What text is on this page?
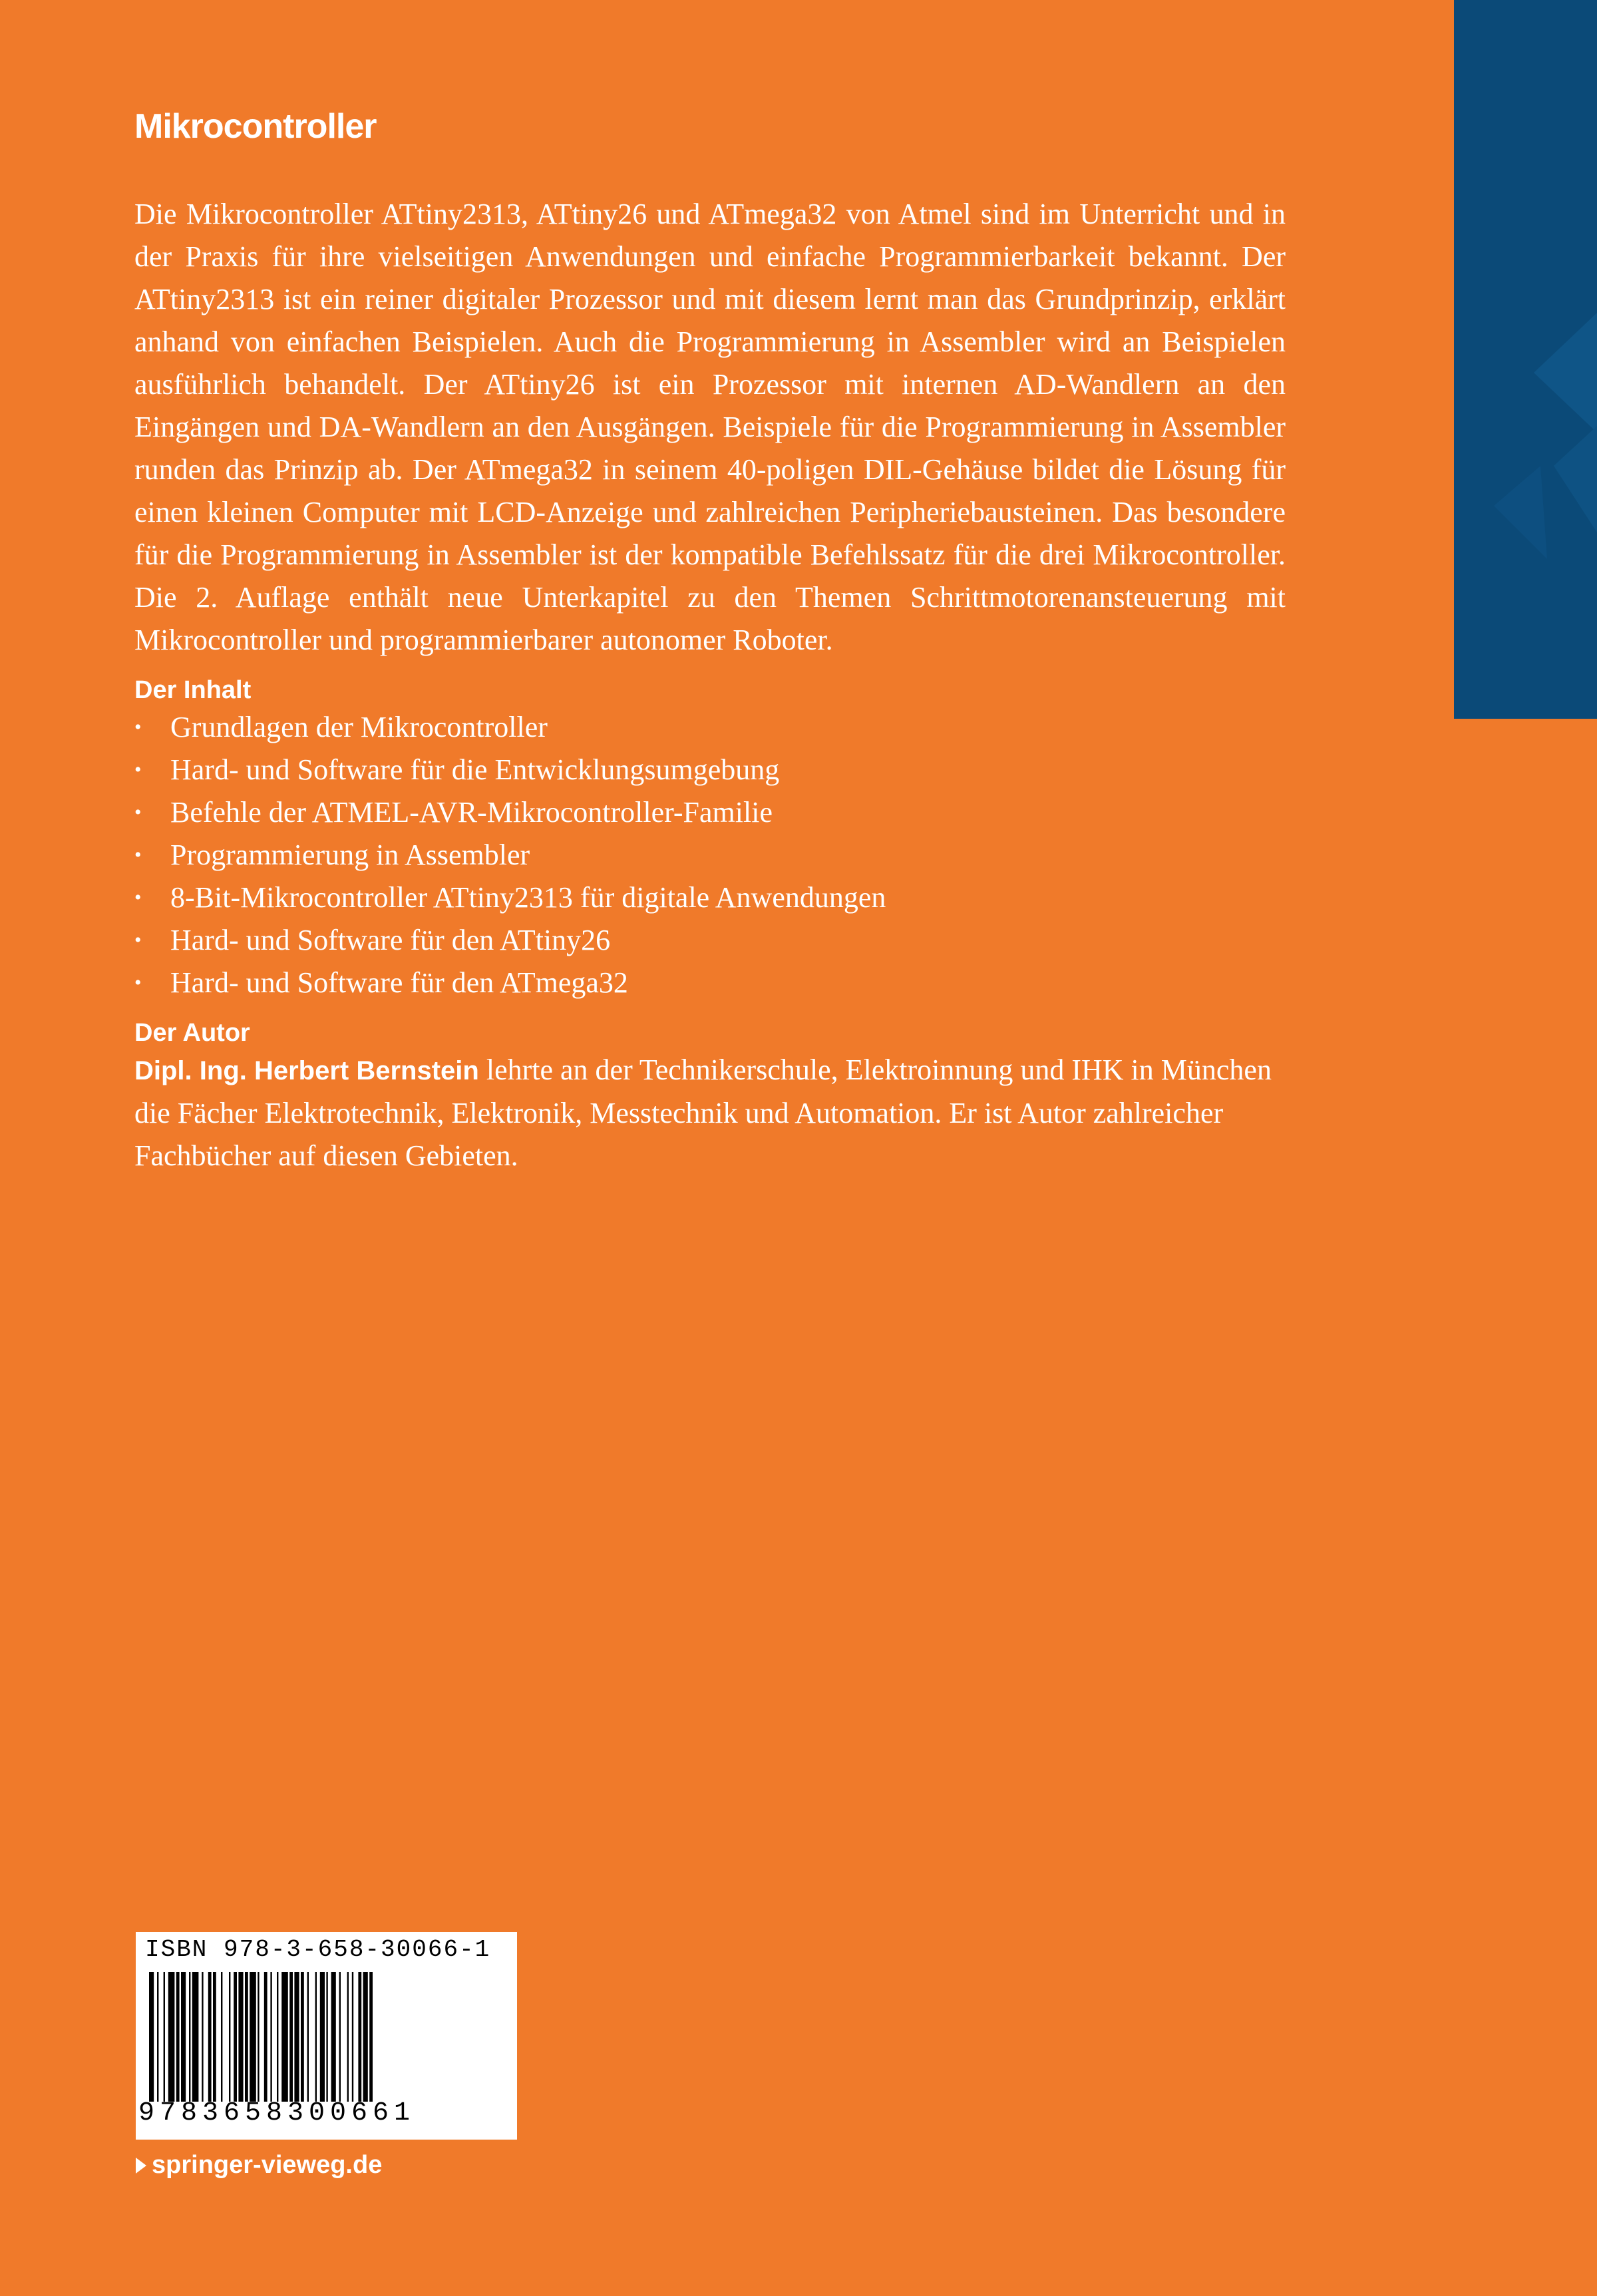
Mikrocontroller

Die Mikrocontroller ATtiny2313, ATtiny26 und ATmega32 von Atmel sind im Unterricht und in der Praxis für ihre vielseitigen Anwendungen und einfache Programmierbarkeit bekannt. Der ATtiny2313 ist ein reiner digitaler Prozessor und mit diesem lernt man das Grundprinzip, erklärt anhand von einfachen Beispielen. Auch die Programmierung in Assembler wird an Beispielen ausführlich behandelt. Der ATtiny26 ist ein Prozessor mit internen AD-Wandlern an den Eingängen und DA-Wandlern an den Ausgängen. Beispiele für die Programmierung in Assembler runden das Prinzip ab. Der ATmega32 in seinem 40-poligen DIL-Gehäuse bildet die Lösung für einen kleinen Computer mit LCD-Anzeige und zahlreichen Peripheriebausteinen. Das besondere für die Programmierung in Assembler ist der kompatible Befehlssatz für die drei Mikrocontroller. Die 2. Auflage enthält neue Unterkapitel zu den Themen Schrittmotorenansteuerung mit Mikrocontroller und programmierbarer autonomer Roboter.

Der Inhalt
• Grundlagen der Mikrocontroller
• Hard- und Software für die Entwicklungsumgebung
• Befehle der ATMEL-AVR-Mikrocontroller-Familie
• Programmierung in Assembler
• 8-Bit-Mikrocontroller ATtiny2313 für digitale Anwendungen
• Hard- und Software für den ATtiny26
• Hard- und Software für den ATmega32
Der Autor

Dipl. Ing. Herbert Bernstein lehrte an der Technikerschule, Elektroinnung und IHK in München die Fächer Elektrotechnik, Elektronik, Messtechnik und Automation. Er ist Autor zahlreicher Fachbücher auf diesen Gebieten.

ISBN 978-3-658-30066-1
9783658300661
springer-vieweg.de
